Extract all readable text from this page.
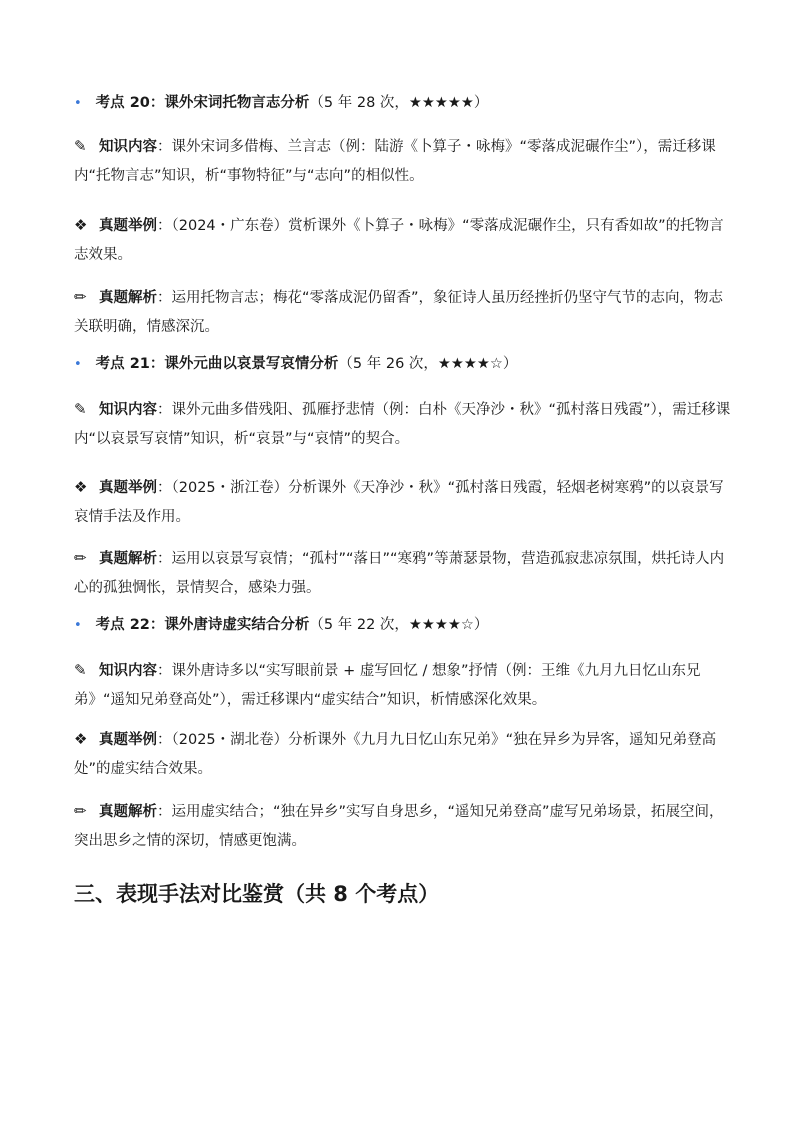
• 考点 20：课外宋词托物言志分析（5 年 28 次，★★★★★）
✎ 知识内容：课外宋词多借梅、兰言志（例：陆游《卜算子・咏梅》“零落成泥碾作尘”），需迁移课内“托物言志”知识，析“事物特征”与“志向”的相似性。
❖ 真题举例：（2024・广东卷）赏析课外《卜算子・咏梅》“零落成泥碾作尘，只有香如故”的托物言志效果。
✏ 真题解析：运用托物言志；梅花“零落成泥仍留香”，象征诗人虽历经挫折仍坚守气节的志向，物志关联明确，情感深沉。
• 考点 21：课外元曲以哀景写哀情分析（5 年 26 次，★★★★☆）
✎ 知识内容：课外元曲多借残阳、孤雁抒悲情（例：白朴《天净沙・秋》“孤村落日残霞”），需迁移课内“以哀景写哀情”知识，析“哀景”与“哀情”的契合。
❖ 真题举例：（2025・浙江卷）分析课外《天净沙・秋》“孤村落日残霞，轻烟老树寒鸦”的以哀景写哀情手法及作用。
✏ 真题解析：运用以哀景写哀情；“孤村”“落日”“寒鸦”等萧瑟景物，营造孤寂悲凉氛围，烘托诗人内心的孤独惆怅，景情契合，感染力强。
• 考点 22：课外唐诗虚实结合分析（5 年 22 次，★★★★☆）
✎ 知识内容：课外唐诗多以“实写眼前景 + 虚写回忆 / 想象”抒情（例：王维《九月九日忆山东兄弟》“遥知兄弟登高处”），需迁移课内“虚实结合”知识，析情感深化效果。
❖ 真题举例：（2025・湖北卷）分析课外《九月九日忆山东兄弟》“独在异乡为异客，遥知兄弟登高处”的虚实结合效果。
✏ 真题解析：运用虚实结合；“独在异乡”实写自身思乡，“遥知兄弟登高”虚写兄弟场景，拓展空间，突出思乡之情的深切，情感更饱满。
三、表现手法对比鉴赏（共 8 个考点）
